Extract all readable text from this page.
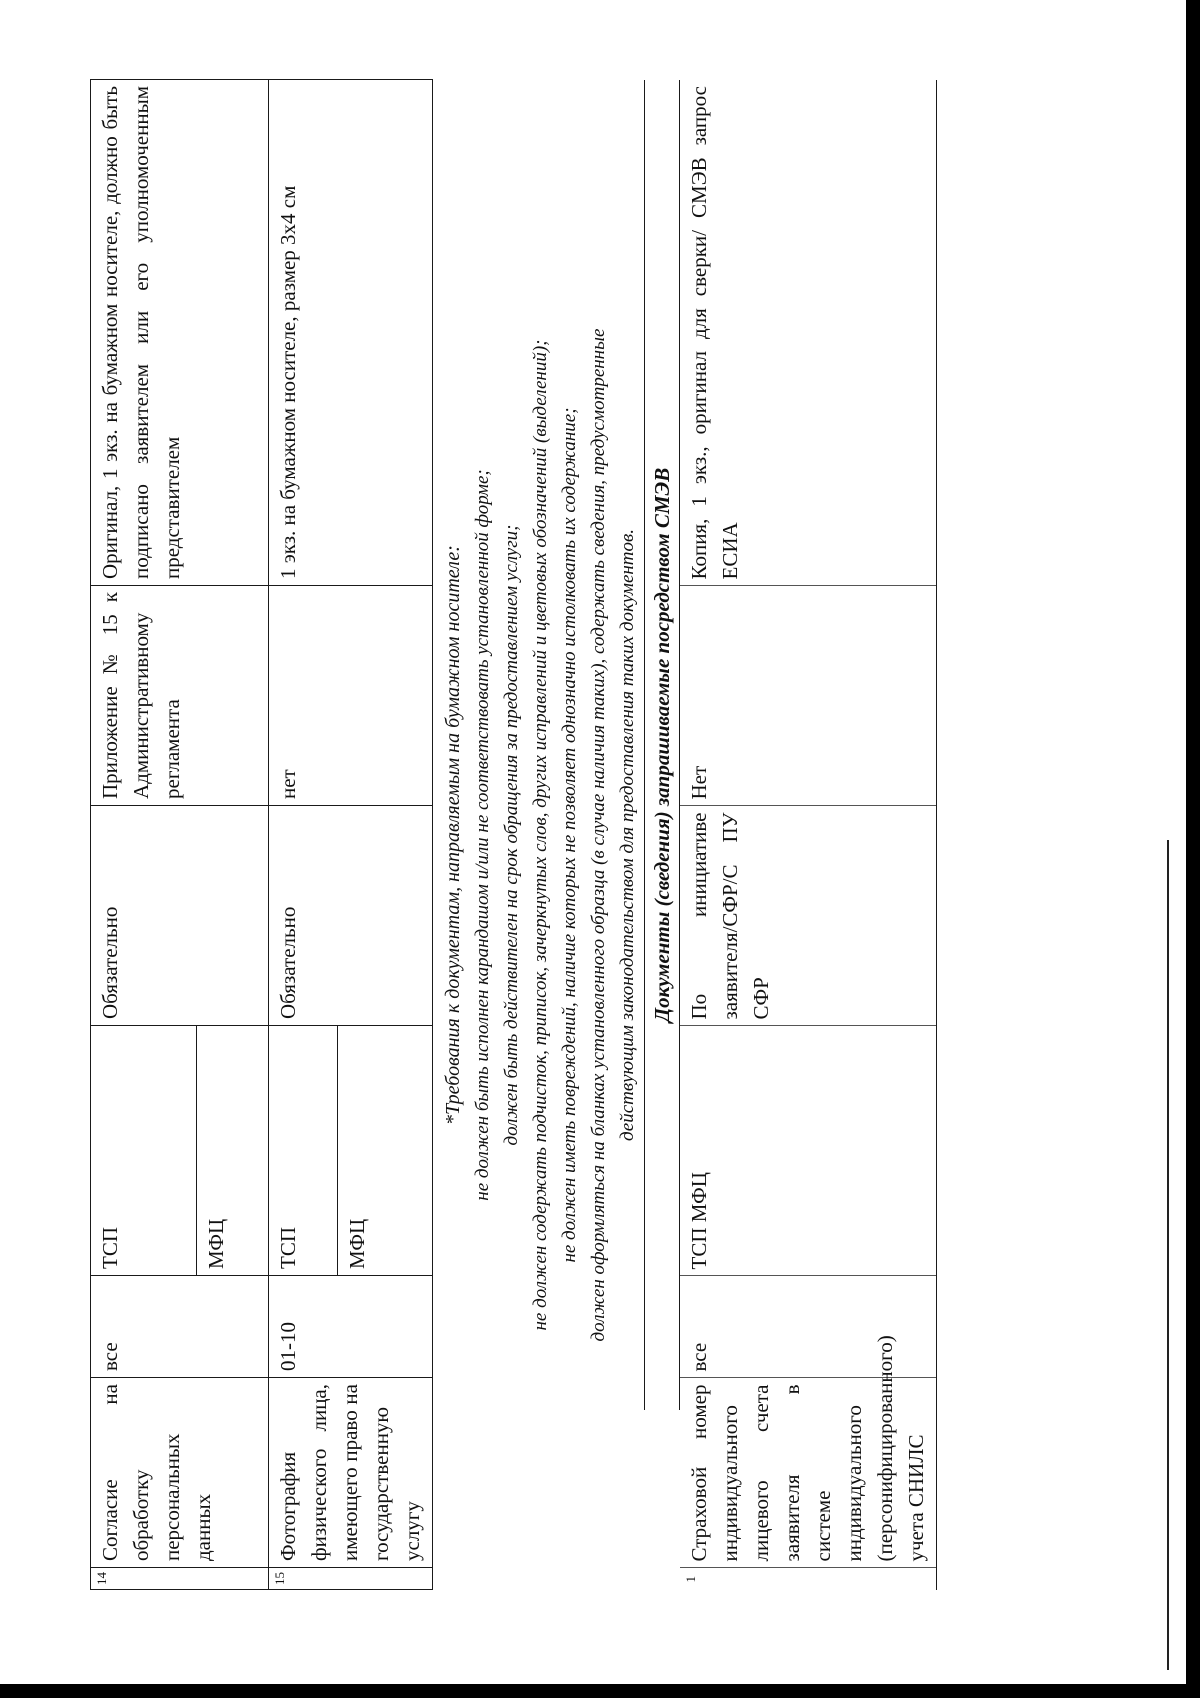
14	Согласие на обработку персональных данных	все	ТСП	Обязательно	Приложение № 15 к Административному регламента	Оригинал, 1 экз. на бумажном носителе, должно быть подписано заявителем или его уполномоченным представителем
			МФЦ			
15	Фотография физического лица, имеющего право на государственную услугу	01-10	ТСП	Обязательно	нет	1 экз. на бумажном носителе, размер 3х4 см
			МФЦ			
*Требования к документам, направляемым на бумажном носителе: не должен быть исполнен карандашом и/или не соответствовать установленной форме; должен быть действителен на срок обращения за предоставлением услуги; не должен содержать подчисток, приписок, зачеркнутых слов, других исправлений и цветовых обозначений (выделений); не должен иметь повреждений, наличие которых не позволяет однозначно истолковать их содержание; должен оформляться на бланках установленного образца (в случае наличия таких), содержать сведения, предусмотренные действующим законодательством для предоставления таких документов. Документы (сведения) запрашиваемые посредством СМЭВ
1	Страховой номер индивидуального лицевого счета заявителя в системе индивидуального (персонифицированного) учета СНИЛС	все	ТСП МФЦ	По инициативе заявителя/СФР/С ПУ СФР	Нет	Копия, 1 экз., оригинал для сверки/ СМЭВ запрос ЕСИА
